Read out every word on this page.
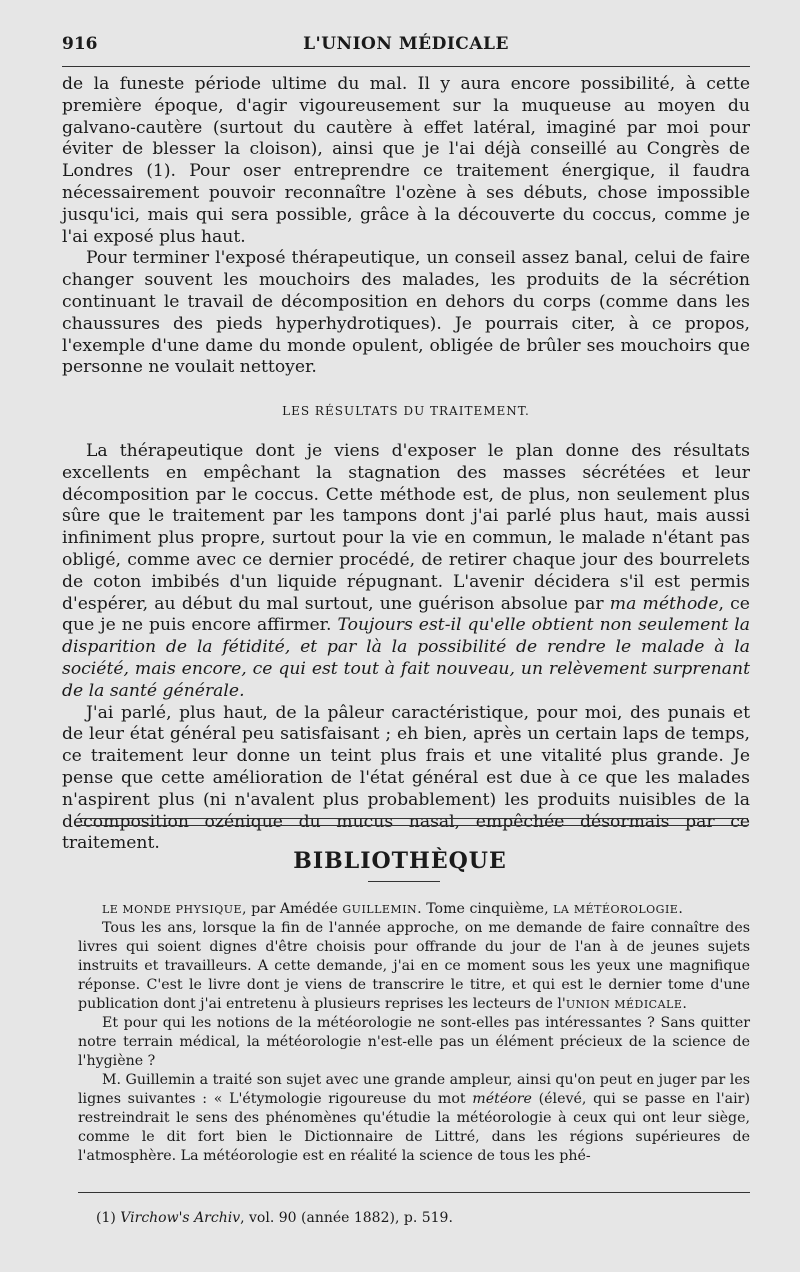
916	L'UNION MÉDICALE

de la funeste période ultime du mal. Il y aura encore possibilité, à cette première époque, d'agir vigoureusement sur la muqueuse au moyen du galvano-cautère (surtout du cautère à effet latéral, imaginé par moi pour éviter de blesser la cloison), ainsi que je l'ai déjà conseillé au Congrès de Londres (1). Pour oser entreprendre ce traitement énergique, il faudra nécessairement pouvoir reconnaître l'ozène à ses débuts, chose impossible jusqu'ici, mais qui sera possible, grâce à la découverte du coccus, comme je l'ai exposé plus haut.

Pour terminer l'exposé thérapeutique, un conseil assez banal, celui de faire changer souvent les mouchoirs des malades, les produits de la sécrétion continuant le travail de décomposition en dehors du corps (comme dans les chaussures des pieds hyperhydrotiques). Je pourrais citer, à ce propos, l'exemple d'une dame du monde opulent, obligée de brûler ses mouchoirs que personne ne voulait nettoyer.

LES RÉSULTATS DU TRAITEMENT.

La thérapeutique dont je viens d'exposer le plan donne des résultats excellents en empêchant la stagnation des masses sécrétées et leur décomposition par le coccus. Cette méthode est, de plus, non seulement plus sûre que le traitement par les tampons dont j'ai parlé plus haut, mais aussi infiniment plus propre, surtout pour la vie en commun, le malade n'étant pas obligé, comme avec ce dernier procédé, de retirer chaque jour des bourrelets de coton imbibés d'un liquide répugnant. L'avenir décidera s'il est permis d'espérer, au début du mal surtout, une guérison absolue par ma méthode, ce que je ne puis encore affirmer. Toujours est-il qu'elle obtient non seulement la disparition de la fétidité, et par là la possibilité de rendre le malade à la société, mais encore, ce qui est tout à fait nouveau, un relèvement surprenant de la santé générale.

J'ai parlé, plus haut, de la pâleur caractéristique, pour moi, des punais et de leur état général peu satisfaisant ; eh bien, après un certain laps de temps, ce traitement leur donne un teint plus frais et une vitalité plus grande. Je pense que cette amélioration de l'état général est due à ce que les malades n'aspirent plus (ni n'avalent plus probablement) les produits nuisibles de la décomposition ozénique du mucus nasal, empêchée désormais par ce traitement.

BIBLIOTHÈQUE

LE MONDE PHYSIQUE, par Amédée GUILLEMIN. Tome cinquième, LA MÉTÉOROLOGIE.

Tous les ans, lorsque la fin de l'année approche, on me demande de faire connaître des livres qui soient dignes d'être choisis pour offrande du jour de l'an à de jeunes sujets instruits et travailleurs. A cette demande, j'ai en ce moment sous les yeux une magnifique réponse. C'est le livre dont je viens de transcrire le titre, et qui est le dernier tome d'une publication dont j'ai entretenu à plusieurs reprises les lecteurs de l'UNION MÉDICALE.

Et pour qui les notions de la météorologie ne sont-elles pas intéressantes ? Sans quitter notre terrain médical, la météorologie n'est-elle pas un élément précieux de la science de l'hygiène ?

M. Guillemin a traité son sujet avec une grande ampleur, ainsi qu'on peut en juger par les lignes suivantes : « L'étymologie rigoureuse du mot météore (élevé, qui se passe en l'air) restreindrait le sens des phénomènes qu'étudie la météorologie à ceux qui ont leur siège, comme le dit fort bien le Dictionnaire de Littré, dans les régions supérieures de l'atmosphère. La météorologie est en réalité la science de tous les phé-

(1) Virchow's Archiv, vol. 90 (année 1882), p. 519.
